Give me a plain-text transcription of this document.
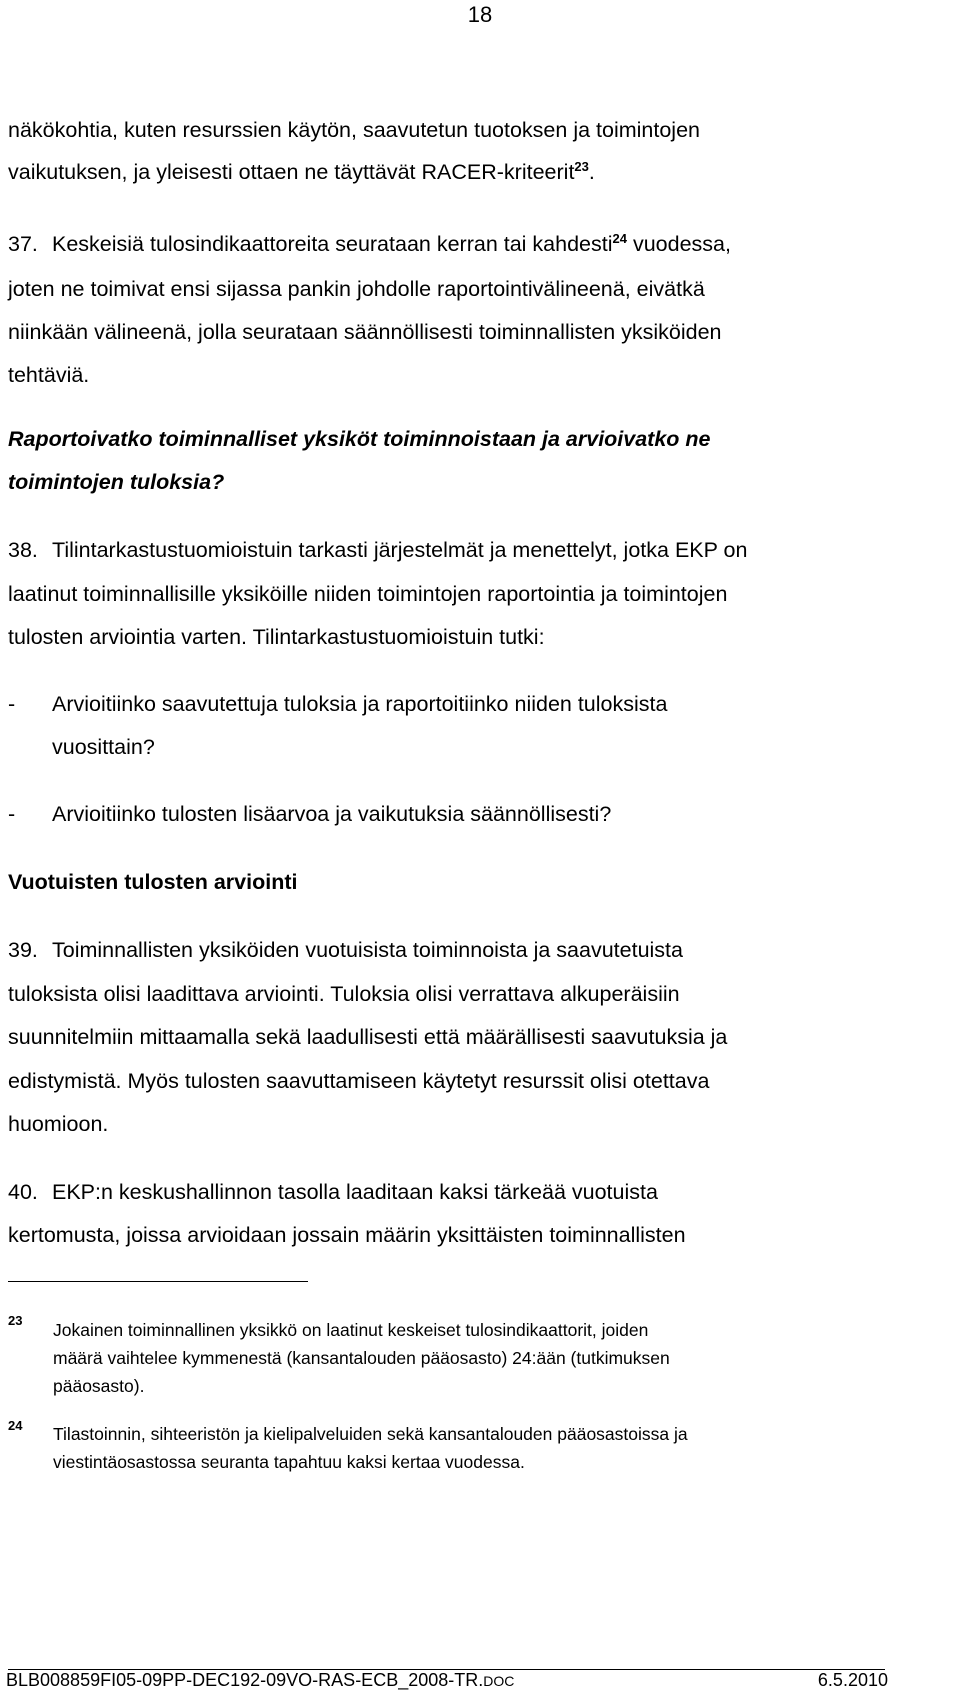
18
näkökohtia, kuten resurssien käytön, saavutetun tuotoksen ja toimintojen
vaikutuksen, ja yleisesti ottaen ne täyttävät RACER-kriteerit$^{23}$.
37. Keskeisiä tulosindikaattoreita seurataan kerran tai kahdesti$^{24}$ vuodessa,
joten ne toimivat ensi sijassa pankin johdolle raportointivälineenä, eivätkä
niinkään välineenä, jolla seurataan säännöllisesti toiminnallisten yksiköiden
tehtäviä.
Raportoivatko toiminnalliset yksiköt toiminnoistaan ja arvioivatko ne
toimintojen tuloksia?
38. Tilintarkastustuomioistuin tarkasti järjestelmät ja menettelyt, jotka EKP on
laatinut toiminnallisille yksiköille niiden toimintojen raportointia ja toimintojen
tulosten arviointia varten. Tilintarkastustuomioistuin tutki:
- Arvioitiinko saavutettuja tuloksia ja raportoitiinko niiden tuloksista
vuosittain?
- Arvioitiinko tulosten lisäarvoa ja vaikutuksia säännöllisesti?
Vuotuisten tulosten arviointi
39. Toiminnallisten yksiköiden vuotuisista toiminnoista ja saavutetuista
tuloksista olisi laadittava arviointi. Tuloksia olisi verrattava alkuperäisiin
suunnitelmiin mittaamalla sekä laadullisesti että määrällisesti saavutuksia ja
edistymistä. Myös tulosten saavuttamiseen käytetyt resurssit olisi otettava
huomioon.
40. EKP:n keskushallinnon tasolla laaditaan kaksi tärkeää vuotuista
kertomusta, joissa arvioidaan jossain määrin yksittäisten toiminnallisten
23 Jokainen toiminnallinen yksikkö on laatinut keskeiset tulosindikaattorit, joiden
määrä vaihtelee kymmenestä (kansantalouden pääosasto) 24:ään (tutkimuksen
pääosasto).
24 Tilastoinnin, sihteeristön ja kielipalveluiden sekä kansantalouden pääosastoissa ja
viestintäosastossa seuranta tapahtuu kaksi kertaa vuodessa.
BLB008859FI05-09PP-DEC192-09VO-RAS-ECB_2008-TR.DOC	6.5.2010
